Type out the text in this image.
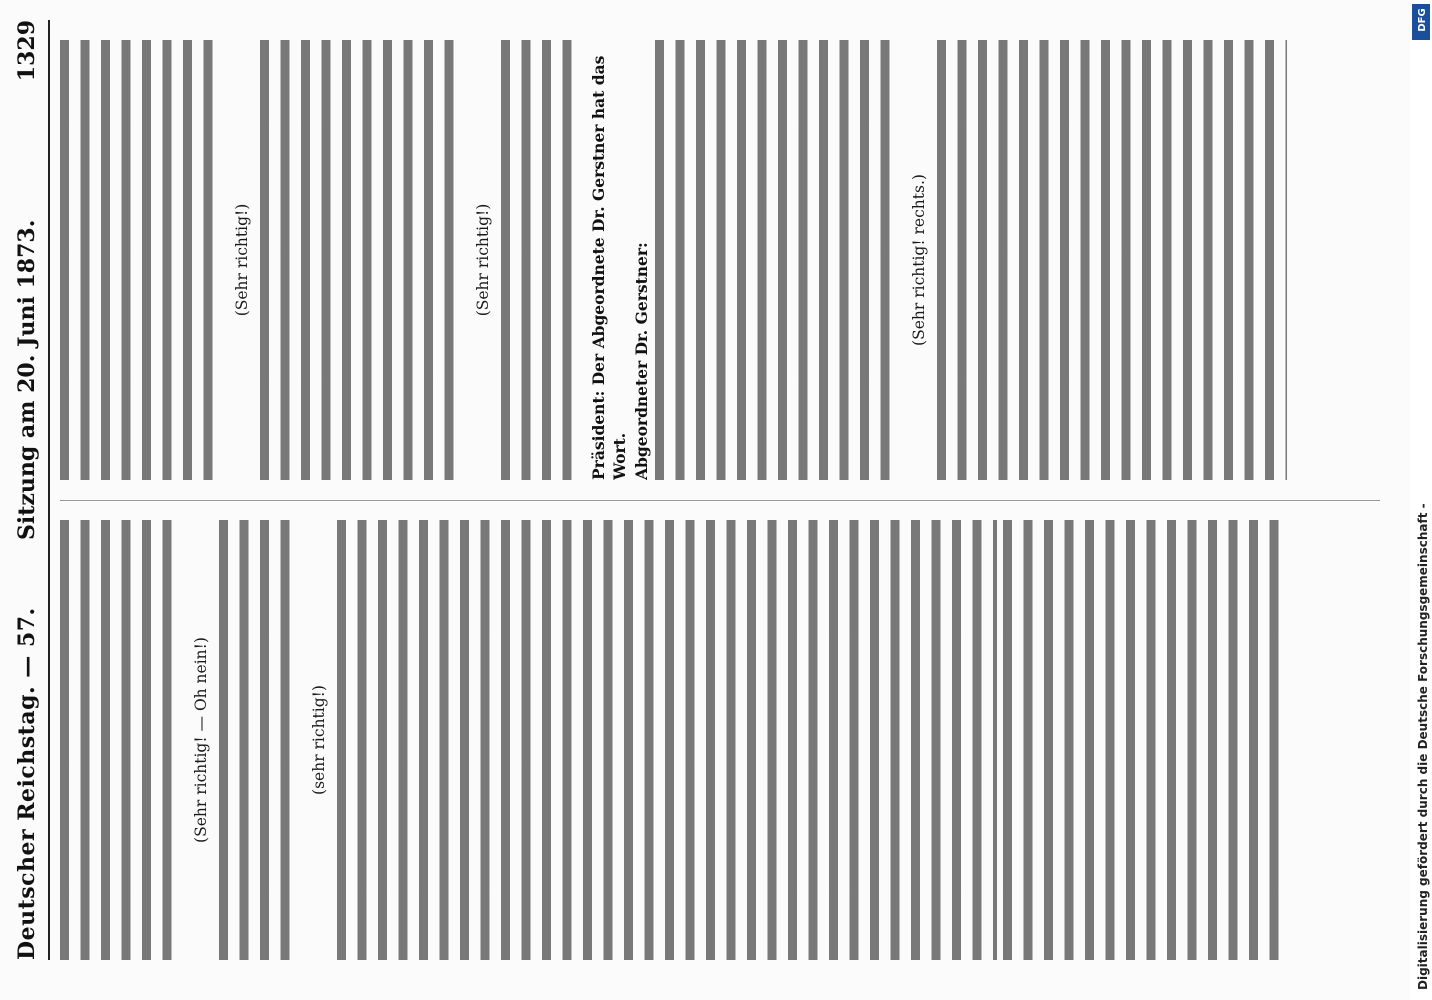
Deutscher Reichstag. — 57.
Sitzung am 20. Juni 1873.
1329
(Sehr richtig! — Oh nein!)	(sehr richtig!)
(Sehr richtig!)	(Sehr richtig!)	Präsident: Der Abgeordnete Dr. Gerstner hat das Wort. Abgeordneter Dr. Gerstner:	(Sehr richtig! rechts.)
Digitalisierung gefördert durch die Deutsche Forschungsgemeinschaft -
DFG
